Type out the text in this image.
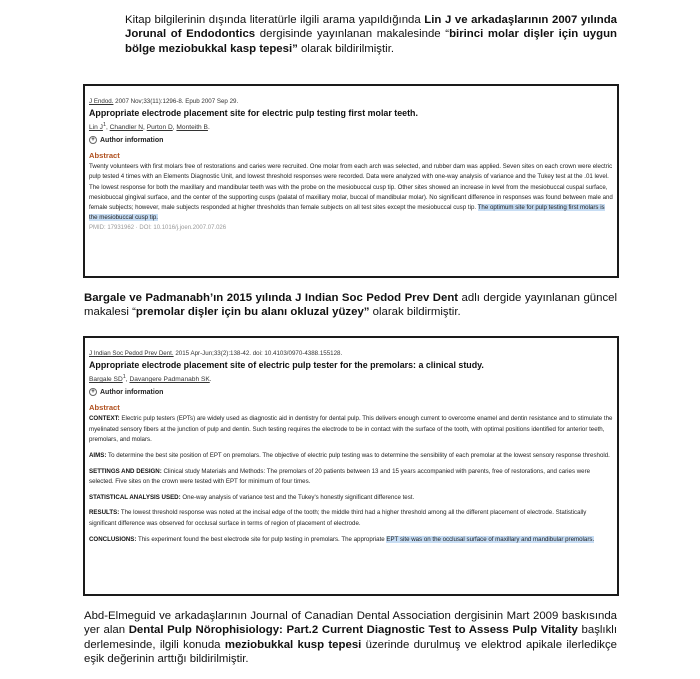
Kitap bilgilerinin dışında literatürle ilgili arama yapıldığında Lin J ve arkadaşlarının 2007 yılında Jorunal of Endodontics dergisinde yayınlanan makalesinde “birinci molar dişler için uygun bölge meziobukkal kasp tepesi” olarak bildirilmiştir.

J Endod. 2007 Nov;33(11):1296-8. Epub 2007 Sep 29.
Appropriate electrode placement site for electric pulp testing first molar teeth.
Lin $J^1$, Chandler N, Purton D, Monteith B.
+ Author information
Abstract
Twenty volunteers with first molars free of restorations and caries were recruited. One molar from each arch was selected, and rubber dam was applied. Seven sites on each crown were electric pulp tested 4 times with an Elements Diagnostic Unit, and lowest threshold responses were recorded. Data were analyzed with one-way analysis of variance and the Tukey test at the .01 level. The lowest response for both the maxillary and mandibular teeth was with the probe on the mesiobuccal cusp tip. Other sites showed an increase in level from the mesiobuccal cuspal surface, mesiobuccal gingival surface, and the center of the supporting cusps (palatal of maxillary molar, buccal of mandibular molar). No significant difference in responses was found between male and female subjects; however, male subjects responded at higher thresholds than female subjects on all test sites except the mesiobuccal cusp tip. The optimum site for pulp testing first molars is the mesiobuccal cusp tip.
PMID: 17931962 · DOI: 10.1016/j.joen.2007.07.026

Bargale ve Padmanabh’ın 2015 yılında J Indian Soc Pedod Prev Dent adlı dergide yayınlanan güncel makalesi “premolar dişler için bu alanı okluzal yüzey” olarak bildirmiştir.

J Indian Soc Pedod Prev Dent. 2015 Apr-Jun;33(2):138-42. doi: 10.4103/0970-4388.155128.
Appropriate electrode placement site of electric pulp tester for the premolars: a clinical study.
Bargale $SD^1$, Davangere Padmanabh SK.
+ Author information
Abstract
CONTEXT: Electric pulp testers (EPTs) are widely used as diagnostic aid in dentistry for dental pulp. This delivers enough current to overcome enamel and dentin resistance and to stimulate the myelinated sensory fibers at the junction of pulp and dentin. Such testing requires the electrode to be in contact with the surface of the tooth, with optimal positions identified for anterior teeth, premolars, and molars.
AIMS: To determine the best site position of EPT on premolars. The objective of electric pulp testing was to determine the sensibility of each premolar at the lowest sensory response threshold.
SETTINGS AND DESIGN: Clinical study Materials and Methods: The premolars of 20 patients between 13 and 15 years accompanied with parents, free of restorations, and caries were selected. Five sites on the crown were tested with EPT for minimum of four times.
STATISTICAL ANALYSIS USED: One-way analysis of variance test and the Tukey's honestly significant difference test.
RESULTS: The lowest threshold response was noted at the incisal edge of the tooth; the middle third had a higher threshold among all the different placement of electrode. Statistically significant difference was observed for occlusal surface in terms of region of placement of electrode.
CONCLUSIONS: This experiment found the best electrode site for pulp testing in premolars. The appropriate EPT site was on the occlusal surface of maxillary and mandibular premolars.

Abd-Elmeguid ve arkadaşlarının Journal of Canadian Dental Association dergisinin Mart 2009 baskısında yer alan Dental Pulp Nörophisiology: Part.2 Current Diagnostic Test to Assess Pulp Vitality başlıklı derlemesinde, ilgili konuda meziobukkal kusp tepesi üzerinde durulmuş ve elektrod apikale ilerledikçe eşik değerinin arttığı bildirilmiştir.
